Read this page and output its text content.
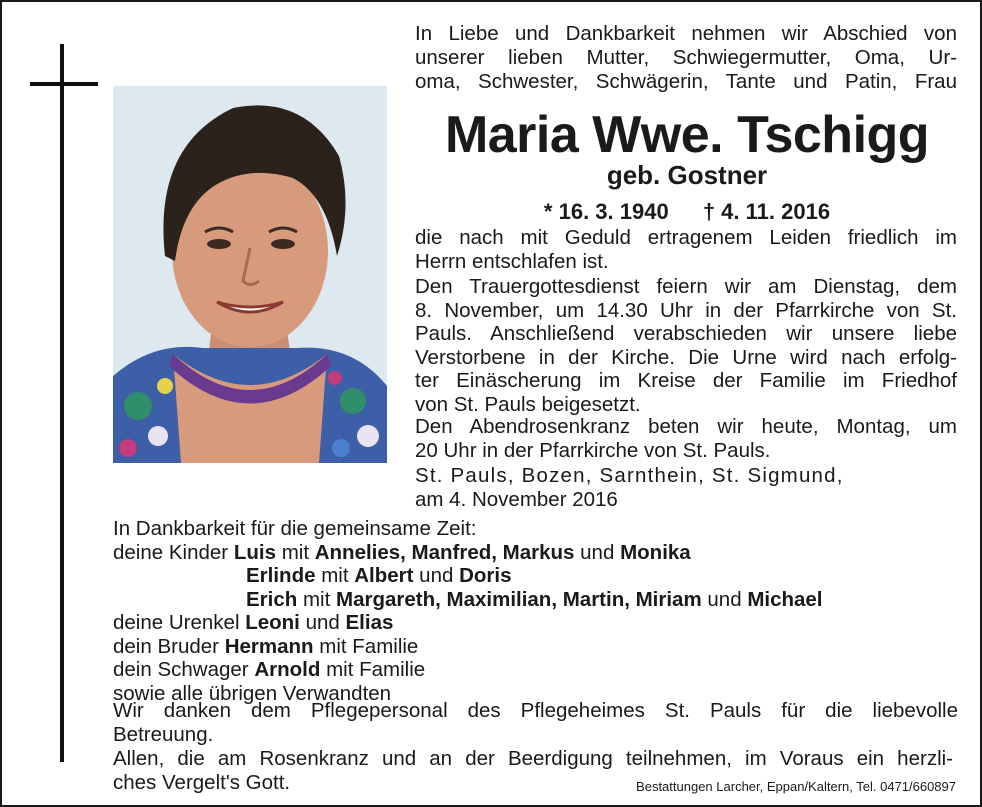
In Liebe und Dankbarkeit nehmen wir Abschied von
unserer lieben Mutter, Schwiegermutter, Oma, Ur-
oma, Schwester, Schwägerin, Tante und Patin, Frau
Maria Wwe. Tschigg
geb. Gostner
* 16. 3. 1940 † 4. 11. 2016
die nach mit Geduld ertragenem Leiden friedlich im
Herrn entschlafen ist.
Den Trauergottesdienst feiern wir am Dienstag, dem
8. November, um 14.30 Uhr in der Pfarrkirche von St.
Pauls. Anschließend verabschieden wir unsere liebe
Verstorbene in der Kirche. Die Urne wird nach erfolg-
ter Einäscherung im Kreise der Familie im Friedhof
von St. Pauls beigesetzt.
Den Abendrosenkranz beten wir heute, Montag, um
20 Uhr in der Pfarrkirche von St. Pauls.
St. Pauls, Bozen, Sarnthein, St. Sigmund,
am 4. November 2016
In Dankbarkeit für die gemeinsame Zeit:
deine Kinder Luis mit Annelies, Manfred, Markus und Monika
Erlinde mit Albert und Doris
Erich mit Margareth, Maximilian, Martin, Miriam und Michael
deine Urenkel Leoni und Elias
dein Bruder Hermann mit Familie
dein Schwager Arnold mit Familie
sowie alle übrigen Verwandten
Wir danken dem Pflegepersonal des Pflegeheimes St. Pauls für die liebevolle
Betreuung.
Allen, die am Rosenkranz und an der Beerdigung teilnehmen, im Voraus ein herzli-
ches Vergelt's Gott.	Bestattungen Larcher, Eppan/Kaltern, Tel. 0471/660897
